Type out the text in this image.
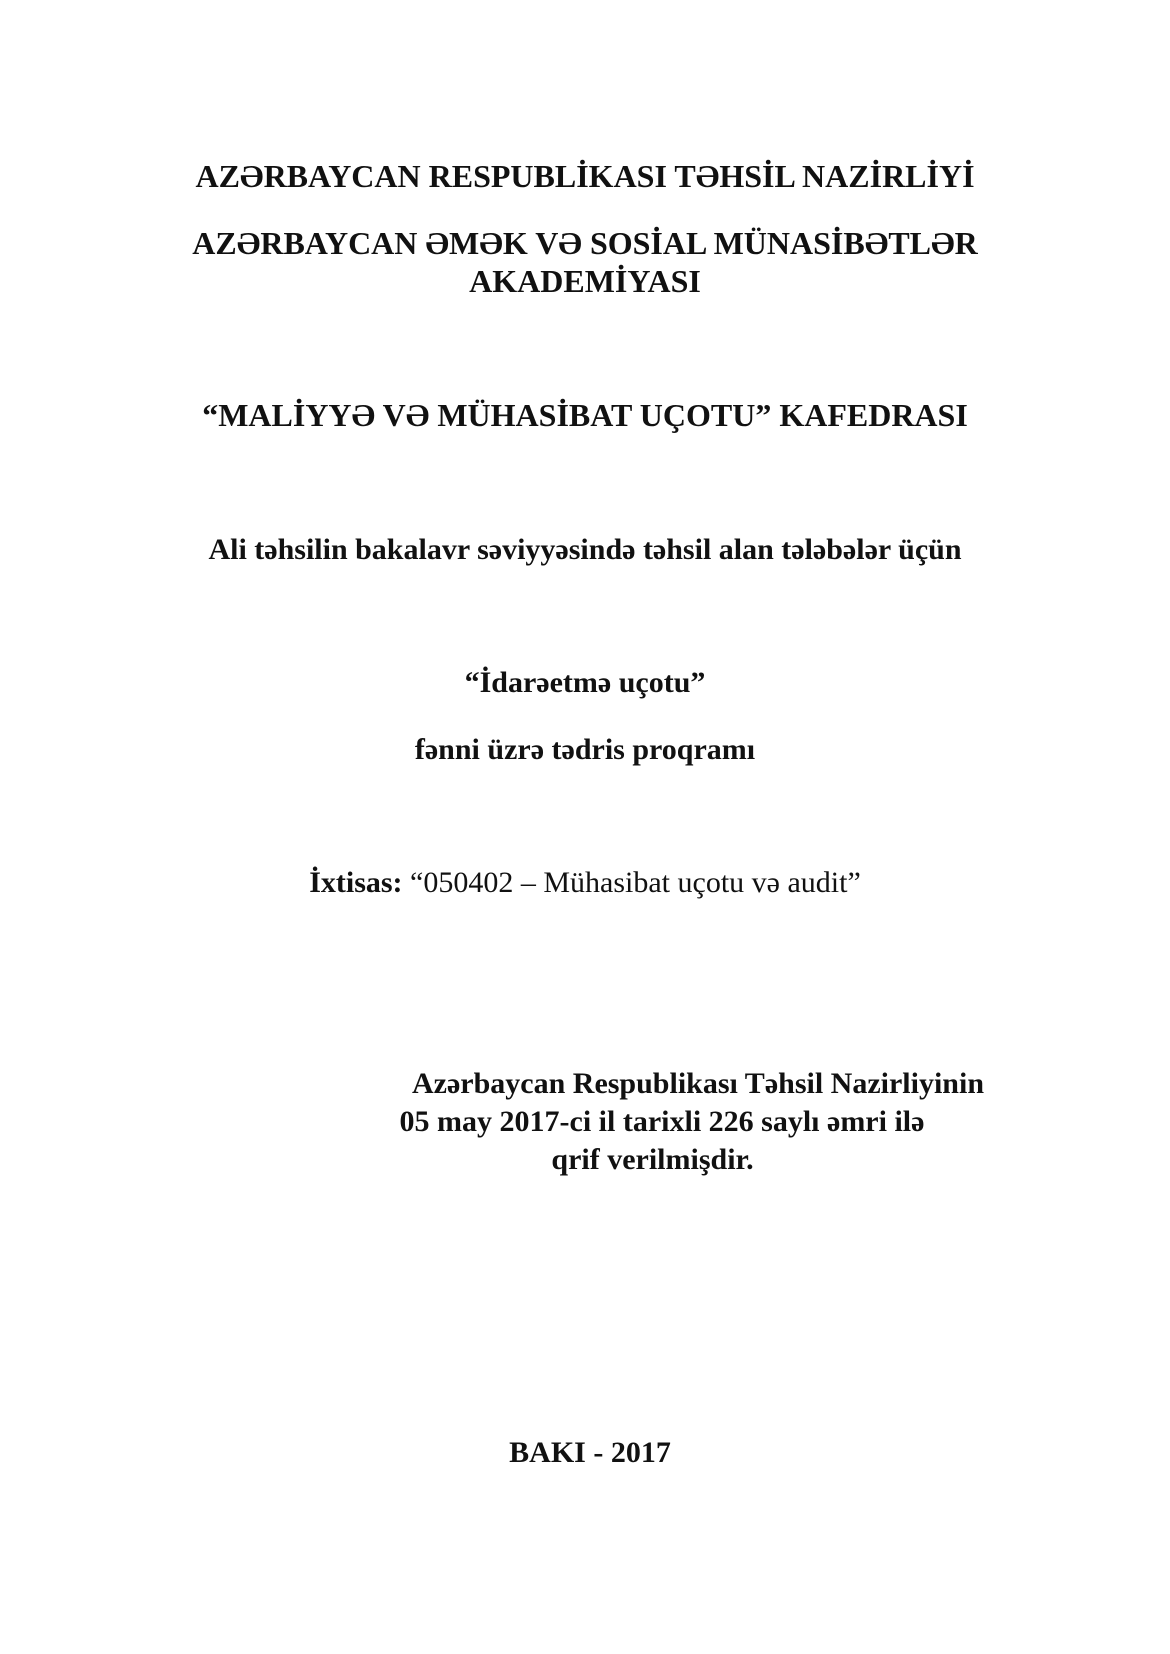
AZƏRBAYCAN RESPUBLİKASI TƏHSİL NAZİRLİYİ
AZƏRBAYCAN ƏMƏK VƏ SOSİAL MÜNASİBƏTLƏR
AKADEMİYASI
“MALİYYƏ VƏ MÜHASİBAT UÇOTU” KAFEDRASI
Ali təhsilin bakalavr səviyyəsində təhsil alan tələbələr üçün
“İdarəetmə uçotu”
fənni üzrə tədris proqramı
İxtisas: “050402 – Mühasibat uçotu və audit”
Azərbaycan Respublikası Təhsil Nazirliyinin
05 may 2017-ci il tarixli 226 saylı əmri ilə
qrif verilmişdir.
BAKI - 2017
